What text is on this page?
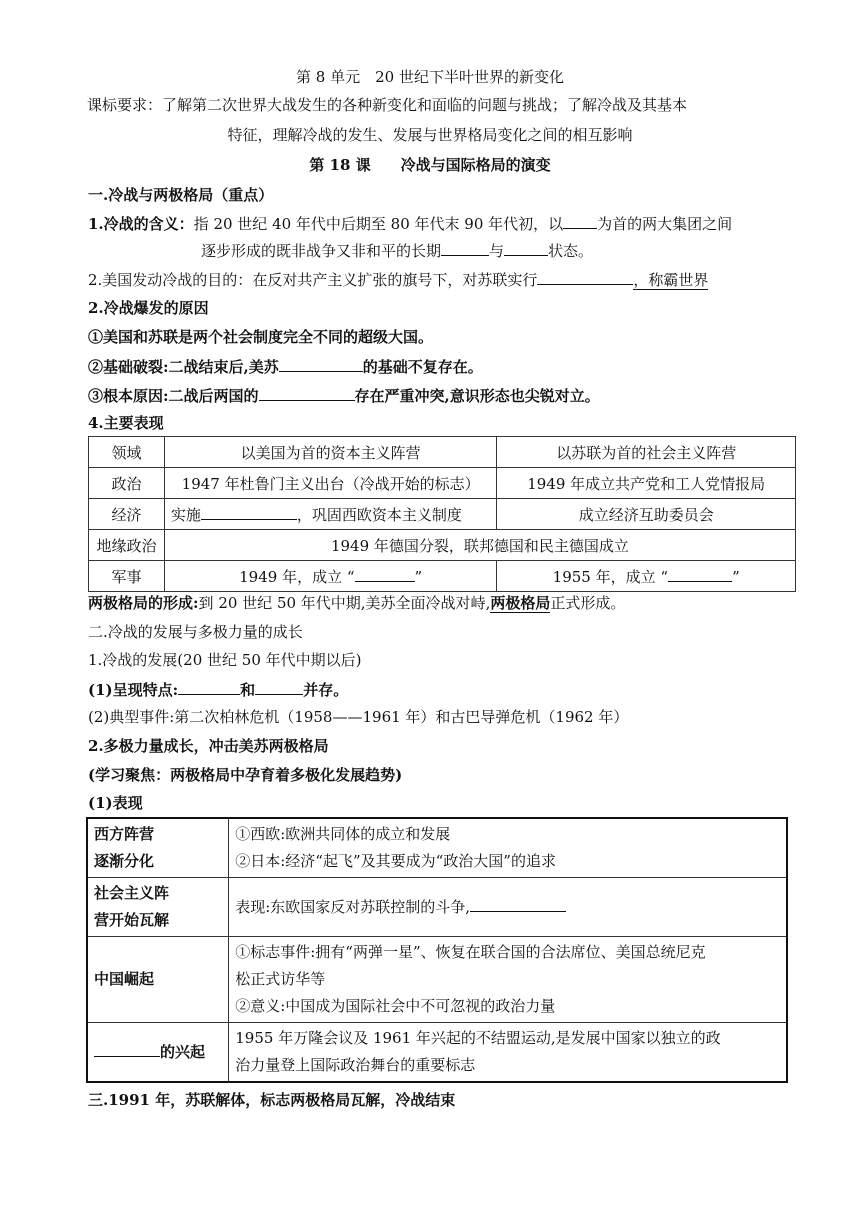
第 8 单元　20 世纪下半叶世界的新变化
课标要求：了解第二次世界大战发生的各种新变化和面临的问题与挑战；了解冷战及其基本
特征，理解冷战的发生、发展与世界格局变化之间的相互影响
第 18 课　　冷战与国际格局的演变
一.冷战与两极格局（重点）
1.冷战的含义：指 20 世纪 40 年代中后期至 80 年代末 90 年代初，以 为首的两大集团之间
逐步形成的既非战争又非和平的长期	与	状态。
2.美国发动冷战的目的：在反对共产主义扩张的旗号下，对苏联实行	，称霸世界
2.冷战爆发的原因
①美国和苏联是两个社会制度完全不同的超级大国。
②基础破裂:二战结束后,美苏	的基础不复存在。
③根本原因:二战后两国的	存在严重冲突,意识形态也尖锐对立。
4.主要表现
领域	以美国为首的资本主义阵营	以苏联为首的社会主义阵营
政治	1947 年杜鲁门主义出台（冷战开始的标志）	1949 年成立共产党和工人党情报局
经济	实施 ，巩固西欧资本主义制度	成立经济互助委员会
地缘政治	1949 年德国分裂，联邦德国和民主德国成立	
军事	1949 年，成立 “ ”	1955 年，成立 “ ”
两极格局的形成:到 20 世纪 50 年代中期,美苏全面冷战对峙,两极格局正式形成。
二.冷战的发展与多极力量的成长
1.冷战的发展(20 世纪 50 年代中期以后)
(1)呈现特点:	和	并存。
(2)典型事件:第二次柏林危机（1958——1961 年）和古巴导弹危机（1962 年）
2.多极力量成长，冲击美苏两极格局
(学习聚焦：两极格局中孕育着多极化发展趋势)
(1)表现
西方阵营
逐渐分化	①西欧:欧洲共同体的成立和发展
②日本:经济“起飞”及其要成为“政治大国”的追求
社会主义阵
营开始瓦解	表现:东欧国家反对苏联控制的斗争,
中国崛起	①标志事件:拥有“两弹一星”、恢复在联合国的合法席位、美国总统尼克
松正式访华等
②意义:中国成为国际社会中不可忽视的政治力量
的兴起	1955 年万隆会议及 1961 年兴起的不结盟运动,是发展中国家以独立的政
治力量登上国际政治舞台的重要标志
三.1991 年，苏联解体，标志两极格局瓦解，冷战结束
